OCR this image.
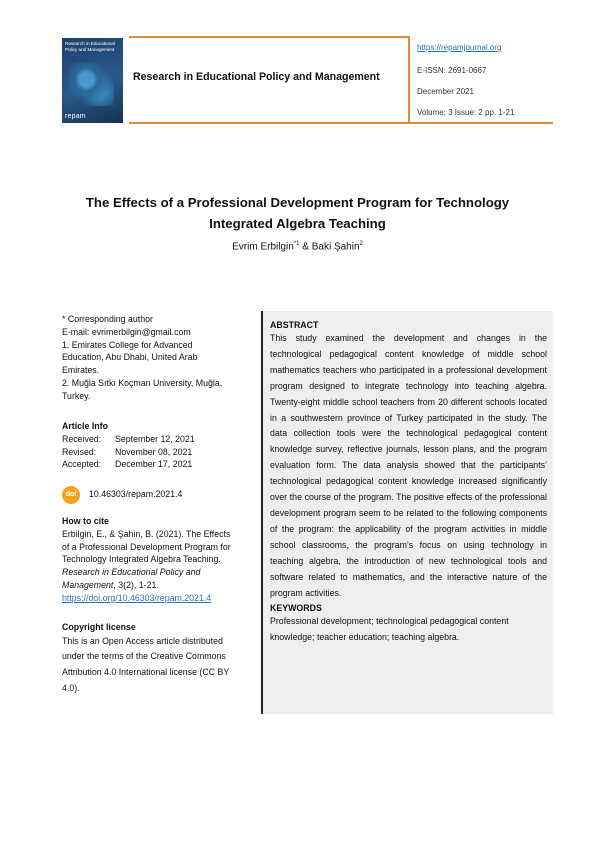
Research in Educational Policy and Management
repam
Research in Educational Policy and Management
https://repamjournal.org
E-ISSN: 2691-0667
December 2021
Volume: 3 Issue: 2 pp. 1-21
The Effects of a Professional Development Program for Technology
Integrated Algebra Teaching
Evrim Erbilgin$^{*1}$ & Baki Şahin$^2$
* Corresponding author
E-mail: evrimerbilgin@gmail.com
1. Emirates College for Advanced
Education, Abu Dhabi, United Arab
Emirates.
2. Muğla Sıtkı Koçman University, Muğla,
Turkey.
Article Info
Received:	September 12, 2021
Revised:	November 08, 2021
Accepted:	December 17, 2021
doi	10.46303/repam.2021.4
How to cite
Erbilgin, E., & Şahin, B. (2021). The Effects
of a Professional Development Program for
Technology Integrated Algebra Teaching.
Research in Educational Policy and
Management, 3(2), 1-21.
https://doi.org/10.46303/repam.2021.4
Copyright license
This is an Open Access article distributed
under the terms of the Creative Commons
Attribution 4.0 International license (CC BY
4.0).
ABSTRACT
This study examined the development and changes in the technological pedagogical content knowledge of middle school mathematics teachers who participated in a professional development program designed to integrate technology into teaching algebra. Twenty-eight middle school teachers from 20 different schools located in a southwestern province of Turkey participated in the study. The data collection tools were the technological pedagogical content knowledge survey, reflective journals, lesson plans, and the program evaluation form. The data analysis showed that the participants’ technological pedagogical content knowledge increased significantly over the course of the program. The positive effects of the professional development program seem to be related to the following components of the program: the applicability of the program activities in middle school classrooms, the program’s focus on using technology in teaching algebra, the introduction of new technological tools and software related to mathematics, and the interactive nature of the program activities.
KEYWORDS
Professional development; technological pedagogical content knowledge; teacher education; teaching algebra.
